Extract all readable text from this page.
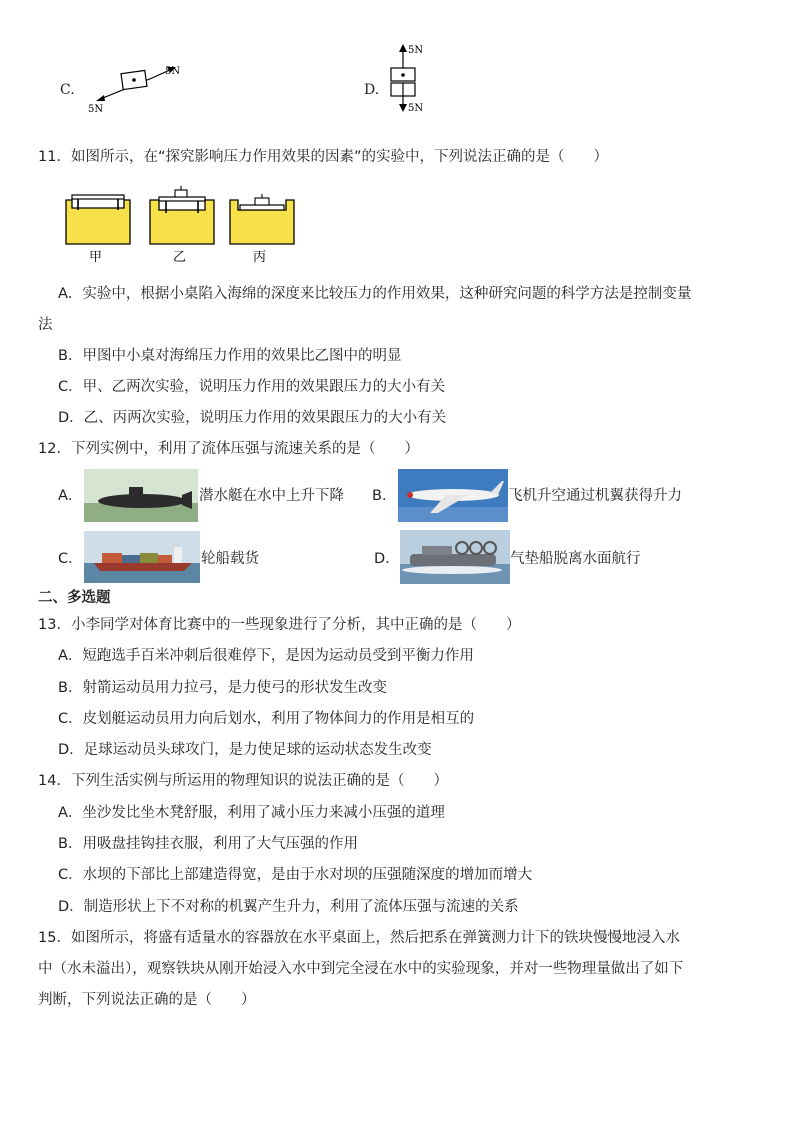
C.
5N
5N
D.
5N
5N
11．如图所示，在“探究影响压力作用效果的因素”的实验中，下列说法正确的是（　　）
甲	乙	丙
A．实验中，根据小桌陷入海绵的深度来比较压力的作用效果，这种研究问题的科学方法是控制变量
法
B．甲图中小桌对海绵压力作用的效果比乙图中的明显
C．甲、乙两次实验，说明压力作用的效果跟压力的大小有关
D．乙、丙两次实验，说明压力作用的效果跟压力的大小有关
12．下列实例中，利用了流体压强与流速关系的是（　　）
A．	潜水艇在水中上升下降 B．	飞机升空通过机翼获得升力
C．	轮船载货	D．	气垫船脱离水面航行
二、多选题
13．小李同学对体育比赛中的一些现象进行了分析，其中正确的是（　　）
A．短跑选手百米冲刺后很难停下，是因为运动员受到平衡力作用
B．射箭运动员用力拉弓，是力使弓的形状发生改变
C．皮划艇运动员用力向后划水，利用了物体间力的作用是相互的
D．足球运动员头球攻门，是力使足球的运动状态发生改变
14．下列生活实例与所运用的物理知识的说法正确的是（　　）
A．坐沙发比坐木凳舒服，利用了减小压力来减小压强的道理
B．用吸盘挂钩挂衣服，利用了大气压强的作用
C．水坝的下部比上部建造得宽，是由于水对坝的压强随深度的增加而增大
D．制造形状上下不对称的机翼产生升力，利用了流体压强与流速的关系
15．如图所示，将盛有适量水的容器放在水平桌面上，然后把系在弹簧测力计下的铁块慢慢地浸入水
中（水未溢出），观察铁块从刚开始浸入水中到完全浸在水中的实验现象，并对一些物理量做出了如下
判断，下列说法正确的是（　　）
